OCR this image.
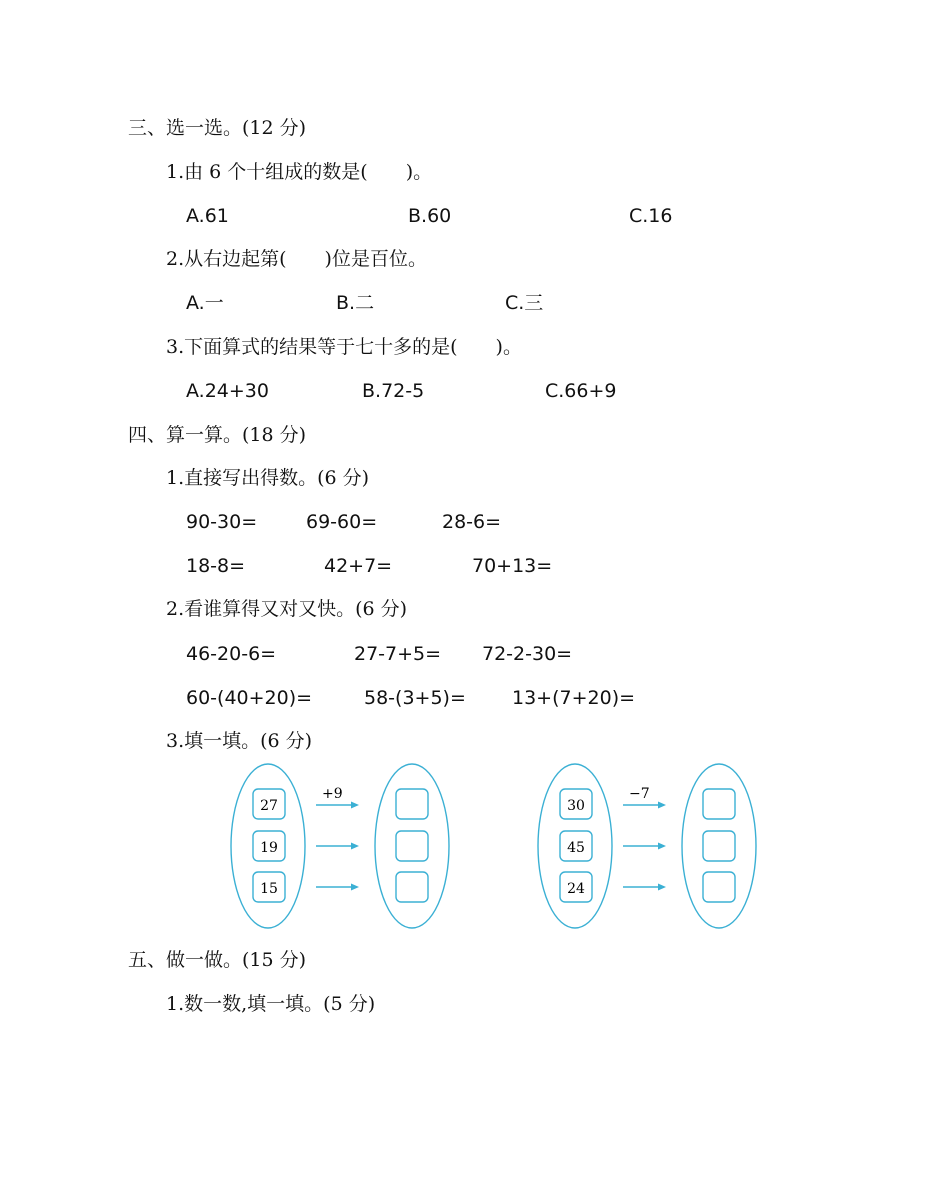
三、选一选。(12 分)
1.由 6 个十组成的数是(　　)。
A.61	B.60	C.16
2.从右边起第(　　)位是百位。
A.一	B.二	C.三
3.下面算式的结果等于七十多的是(　　)。
A.24+30	B.72-5	C.66+9
四、算一算。(18 分)
1.直接写出得数。(6 分)
90-30=	69-60=	28-6=
18-8=	42+7=	70+13=
2.看谁算得又对又快。(6 分)
46-20-6=	27-7+5= 72-2-30=
60-(40+20)=	58-(3+5)= 13+(7+20)=
3.填一填。(6 分)
+9
27
19
15
−7
30
45
24
五、做一做。(15 分)
1.数一数,填一填。(5 分)
